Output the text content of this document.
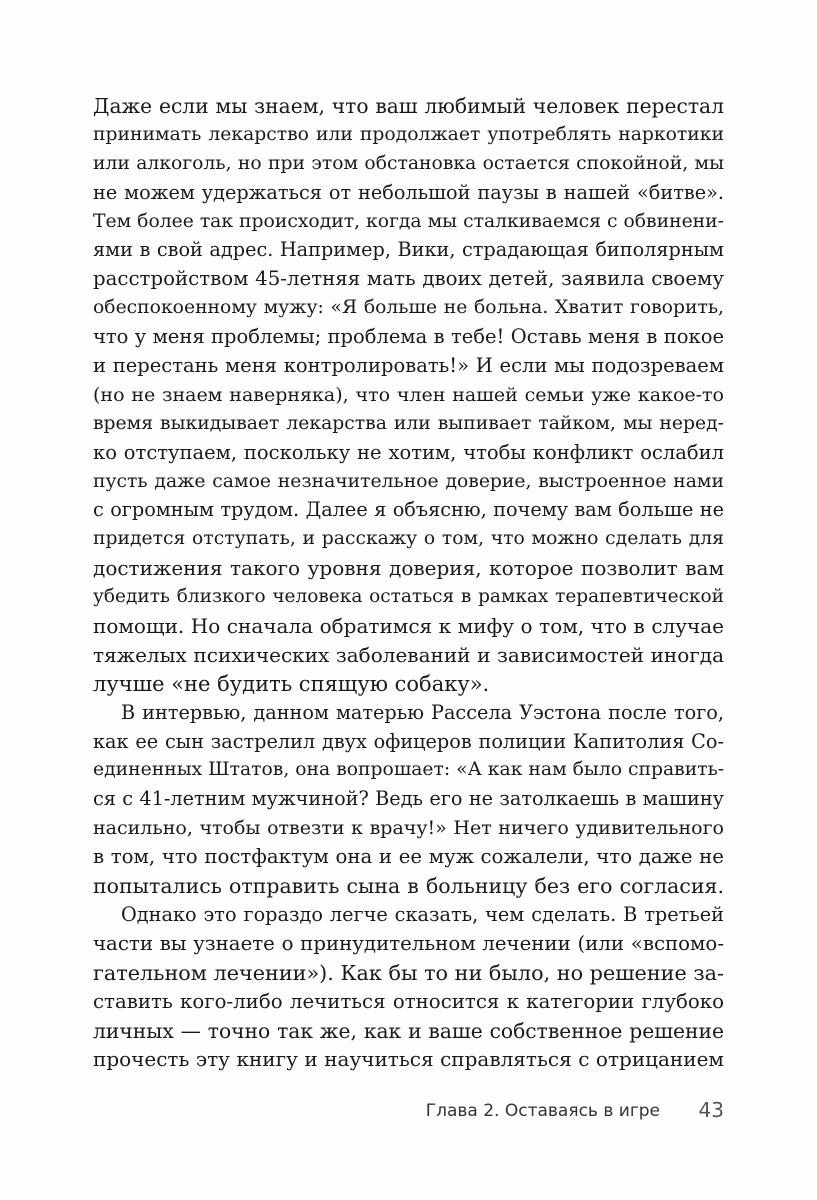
Даже если мы знаем, что ваш любимый человек перестал
принимать лекарство или продолжает употреблять наркотики
или алкоголь, но при этом обстановка остается спокойной, мы
не можем удержаться от небольшой паузы в нашей «битве».
Тем более так происходит, когда мы сталкиваемся с обвинени-
ями в свой адрес. Например, Вики, страдающая биполярным
расстройством 45-летняя мать двоих детей, заявила своему
обеспокоенному мужу: «Я больше не больна. Хватит говорить,
что у меня проблемы; проблема в тебе! Оставь меня в покое
и перестань меня контролировать!» И если мы подозреваем
(но не знаем наверняка), что член нашей семьи уже какое-то
время выкидывает лекарства или выпивает тайком, мы неред-
ко отступаем, поскольку не хотим, чтобы конфликт ослабил
пусть даже самое незначительное доверие, выстроенное нами
с огромным трудом. Далее я объясню, почему вам больше не
придется отступать, и расскажу о том, что можно сделать для
достижения такого уровня доверия, которое позволит вам
убедить близкого человека остаться в рамках терапевтической
помощи. Но сначала обратимся к мифу о том, что в случае
тяжелых психических заболеваний и зависимостей иногда
лучше «не будить спящую собаку».
В интервью, данном матерью Рассела Уэстона после того,
как ее сын застрелил двух офицеров полиции Капитолия Со-
единенных Штатов, она вопрошает: «А как нам было справить-
ся с 41-летним мужчиной? Ведь его не затолкаешь в машину
насильно, чтобы отвезти к врачу!» Нет ничего удивительного
в том, что постфактум она и ее муж сожалели, что даже не
попытались отправить сына в больницу без его согласия.
Однако это гораздо легче сказать, чем сделать. В третьей
части вы узнаете о принудительном лечении (или «вспомо-
гательном лечении»). Как бы то ни было, но решение за-
ставить кого-либо лечиться относится к категории глубоко
личных — точно так же, как и ваше собственное решение
прочесть эту книгу и научиться справляться с отрицанием
Глава 2. Оставаясь в игре	43
